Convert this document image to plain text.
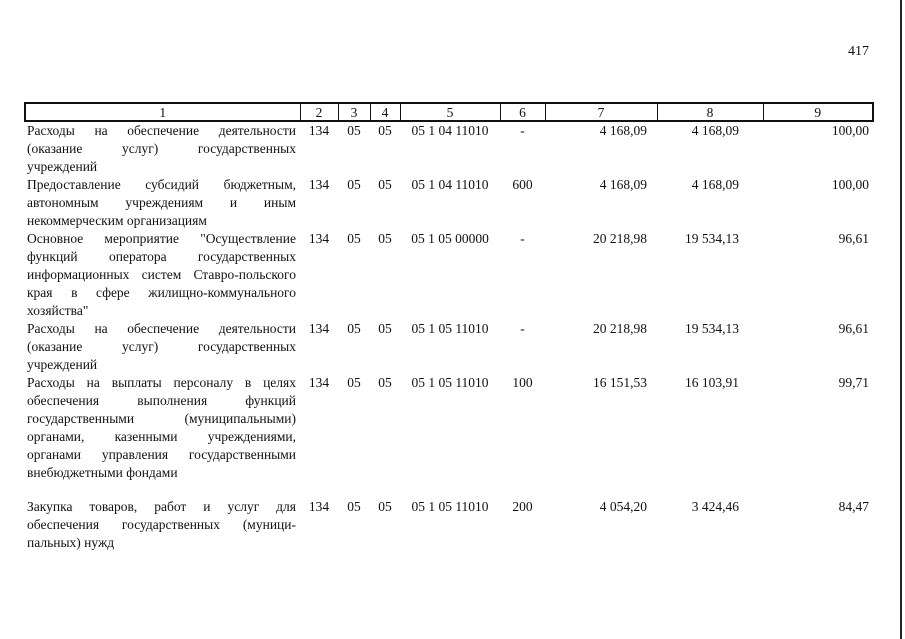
417
1	2	3	4	5	6	7	8	9
Расходы на обеспечение деятельности (оказание услуг) государственных учреждений	134	05	05	05 1 04 11010	-	4 168,09	4 168,09	100,00
Предоставление субсидий бюджетным, автономным учреждениям и иным некоммерческим организациям	134	05	05	05 1 04 11010	600	4 168,09	4 168,09	100,00
Основное мероприятие "Осуществление функций оператора государственных информационных систем Ставро-польского края в сфере жилищно-коммунального хозяйства"	134	05	05	05 1 05 00000	-	20 218,98	19 534,13	96,61
Расходы на обеспечение деятельности (оказание услуг) государственных учреждений	134	05	05	05 1 05 11010	-	20 218,98	19 534,13	96,61
Расходы на выплаты персоналу в целях обеспечения выполнения функций государственными (муниципальными) органами, казенными учреждениями, органами управления государственными внебюджетными фондами	134	05	05	05 1 05 11010	100	16 151,53	16 103,91	99,71

Закупка товаров, работ и услуг для обеспечения государственных (муници-пальных) нужд	134	05	05	05 1 05 11010	200	4 054,20	3 424,46	84,47
